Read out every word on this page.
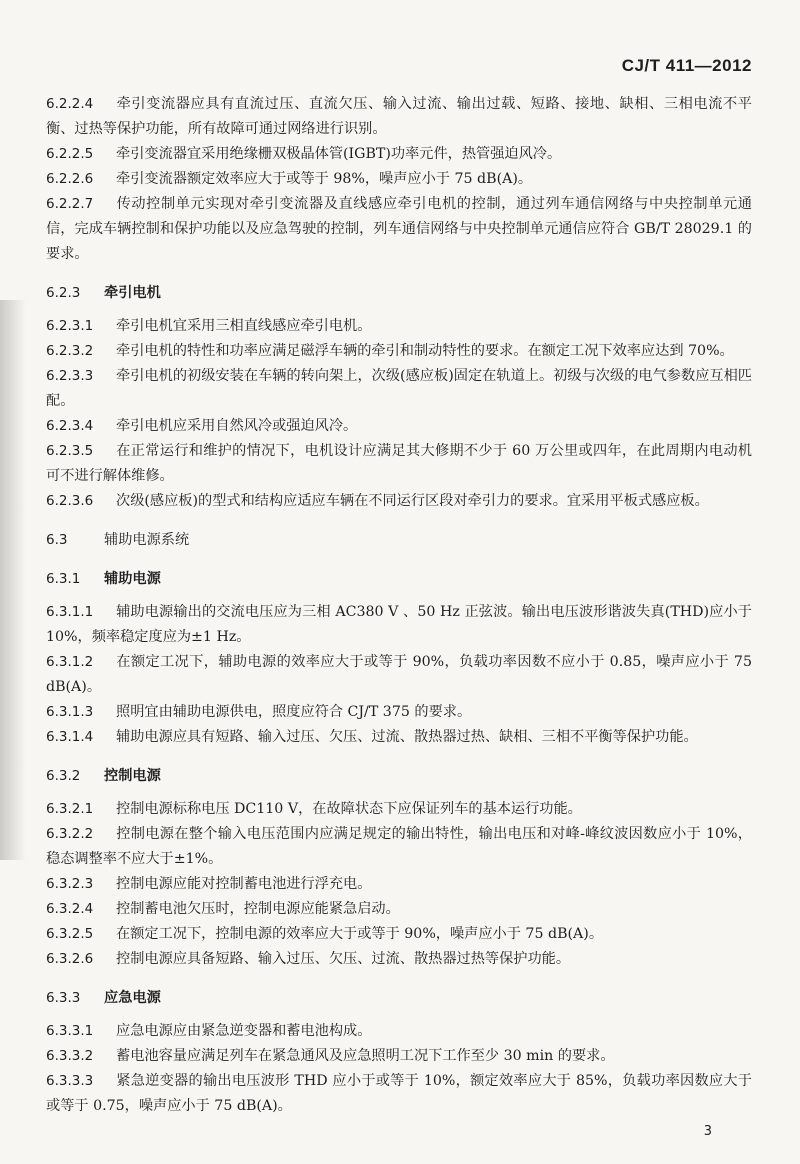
CJ/T 411—2012

6.2.2.4 牵引变流器应具有直流过压、直流欠压、输入过流、输出过载、短路、接地、缺相、三相电流不平衡、过热等保护功能，所有故障可通过网络进行识别。

6.2.2.5 牵引变流器宜采用绝缘栅双极晶体管(IGBT)功率元件，热管强迫风冷。

6.2.2.6 牵引变流器额定效率应大于或等于 98%，噪声应小于 75 dB(A)。

6.2.2.7 传动控制单元实现对牵引变流器及直线感应牵引电机的控制，通过列车通信网络与中央控制单元通信，完成车辆控制和保护功能以及应急驾驶的控制，列车通信网络与中央控制单元通信应符合 GB/T 28029.1 的要求。

6.2.3 牵引电机

6.2.3.1 牵引电机宜采用三相直线感应牵引电机。

6.2.3.2 牵引电机的特性和功率应满足磁浮车辆的牵引和制动特性的要求。在额定工况下效率应达到 70%。

6.2.3.3 牵引电机的初级安装在车辆的转向架上，次级(感应板)固定在轨道上。初级与次级的电气参数应互相匹配。

6.2.3.4 牵引电机应采用自然风冷或强迫风冷。

6.2.3.5 在正常运行和维护的情况下，电机设计应满足其大修期不少于 60 万公里或四年，在此周期内电动机可不进行解体维修。

6.2.3.6 次级(感应板)的型式和结构应适应车辆在不同运行区段对牵引力的要求。宜采用平板式感应板。

6.3	辅助电源系统

6.3.1 辅助电源

6.3.1.1 辅助电源输出的交流电压应为三相 AC380 V 、50 Hz 正弦波。输出电压波形谐波失真(THD)应小于 10%，频率稳定度应为±1 Hz。

6.3.1.2 在额定工况下，辅助电源的效率应大于或等于 90%，负载功率因数不应小于 0.85，噪声应小于 75 dB(A)。

6.3.1.3 照明宜由辅助电源供电，照度应符合 CJ/T 375 的要求。

6.3.1.4 辅助电源应具有短路、输入过压、欠压、过流、散热器过热、缺相、三相不平衡等保护功能。

6.3.2 控制电源

6.3.2.1 控制电源标称电压 DC110 V，在故障状态下应保证列车的基本运行功能。

6.3.2.2 控制电源在整个输入电压范围内应满足规定的输出特性，输出电压和对峰-峰纹波因数应小于 10%，稳态调整率不应大于±1%。

6.3.2.3 控制电源应能对控制蓄电池进行浮充电。

6.3.2.4 控制蓄电池欠压时，控制电源应能紧急启动。

6.3.2.5 在额定工况下，控制电源的效率应大于或等于 90%，噪声应小于 75 dB(A)。

6.3.2.6 控制电源应具备短路、输入过压、欠压、过流、散热器过热等保护功能。

6.3.3 应急电源

6.3.3.1 应急电源应由紧急逆变器和蓄电池构成。

6.3.3.2 蓄电池容量应满足列车在紧急通风及应急照明工况下工作至少 30 min 的要求。

6.3.3.3 紧急逆变器的输出电压波形 THD 应小于或等于 10%，额定效率应大于 85%，负载功率因数应大于或等于 0.75，噪声应小于 75 dB(A)。

3
